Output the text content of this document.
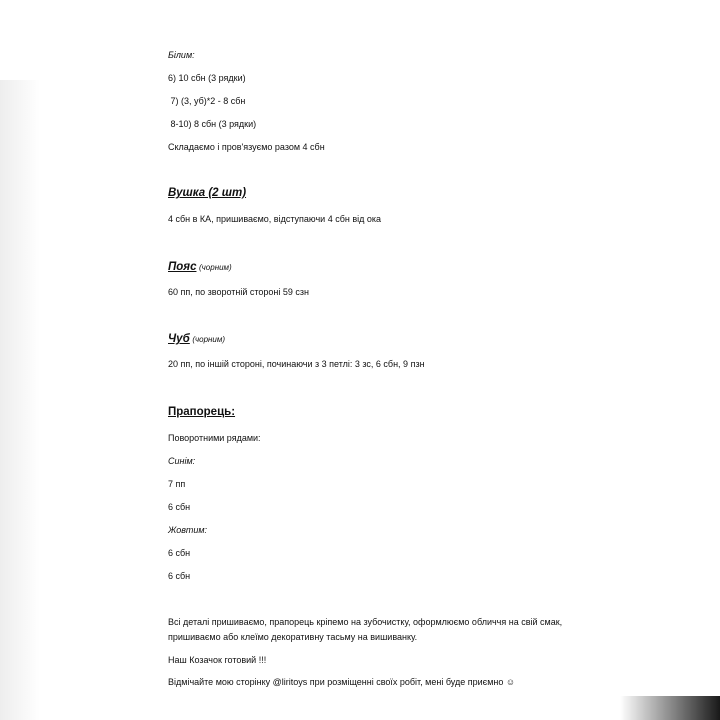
Білим:
6) 10 сбн (3 рядки)
7) (3, уб)*2 - 8 сбн
8-10) 8 сбн (3 рядки)
Складаємо і пров'язуємо разом 4 сбн
Вушка (2 шт)
4 сбн в КА, пришиваємо, відступаючи 4 сбн від ока
Пояс (чорним)
60 пп, по зворотній стороні 59 сзн
Чуб (чорним)
20 пп, по іншій стороні, починаючи з 3 петлі: 3 зс, 6 сбн, 9 пзн
Прапорець:
Поворотними рядами:
Синім:
7 пп
6 сбн
Жовтим:
6 сбн
6 сбн
Всі деталі пришиваємо, прапорець кріпемо на зубочистку, оформлюємо обличчя на свій смак, пришиваємо або клеїмо декоративну тасьму на вишиванку.
Наш Козачок готовий !!!
Відмічайте мою сторінку @liritoys при розміщенні своїх робіт, мені буде приємно ☺
